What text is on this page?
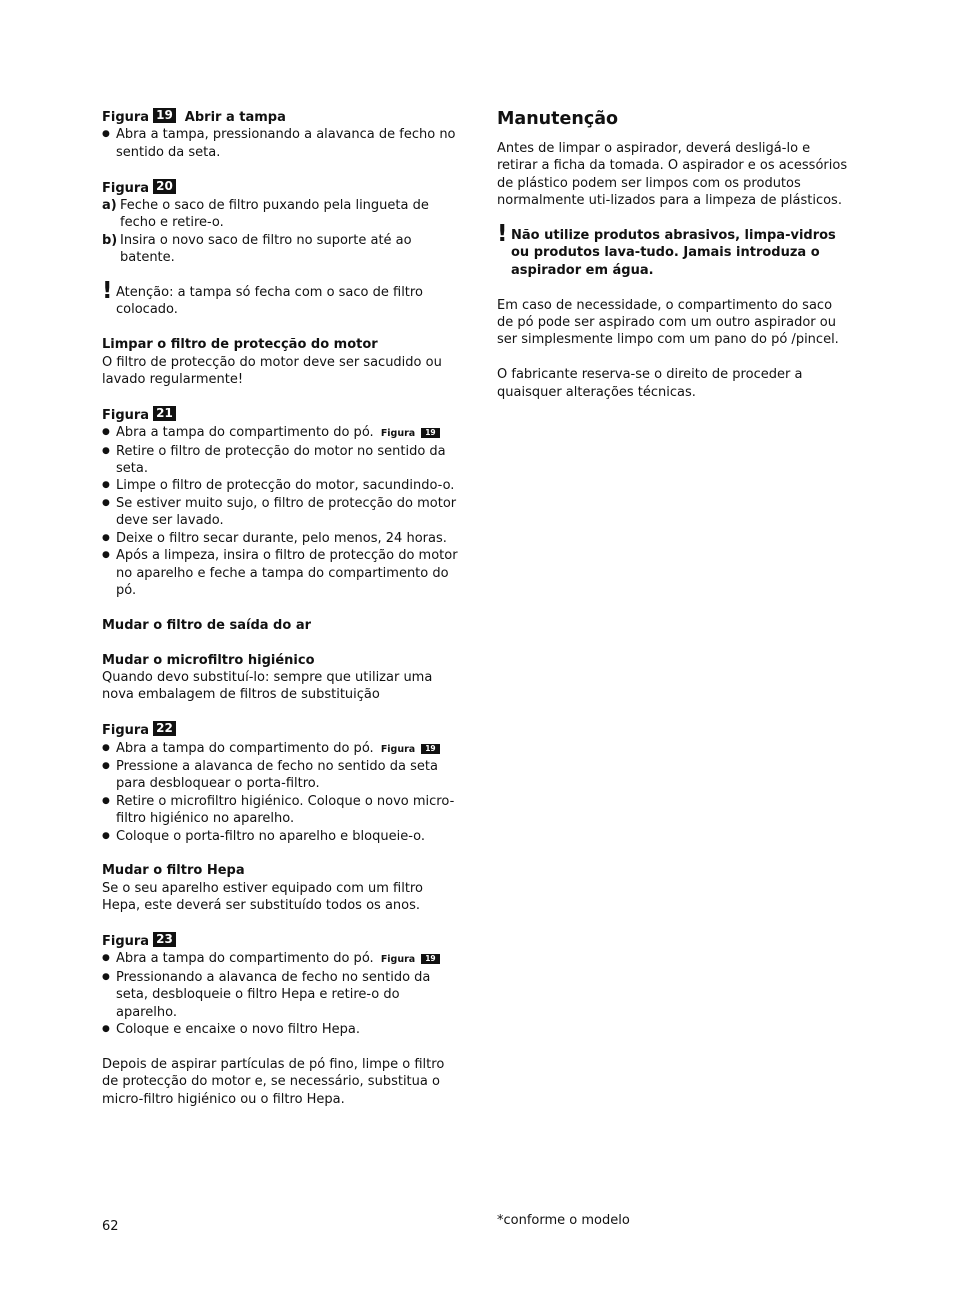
Figura 19 Abrir a tampa
● Abra a tampa, pressionando a alavanca de fecho no sentido da seta.
Figura 20
a) Feche o saco de filtro puxando pela lingueta de fecho e retire-o.
b) Insira o novo saco de filtro no suporte até ao batente.
! Atenção: a tampa só fecha com o saco de filtro colocado.
Limpar o filtro de protecção do motor
O filtro de protecção do motor deve ser sacudido ou lavado regularmente!
Figura 21
● Abra a tampa do compartimento do pó. Figura 19
● Retire o filtro de protecção do motor no sentido da seta.
● Limpe o filtro de protecção do motor, sacundindo-o.
● Se estiver muito sujo, o filtro de protecção do motor deve ser lavado.
● Deixe o filtro secar durante, pelo menos, 24 horas.
● Após a limpeza, insira o filtro de protecção do motor no aparelho e feche a tampa do compartimento do pó.
Mudar o filtro de saída do ar
Mudar o microfiltro higiénico
Quando devo substituí-lo: sempre que utilizar uma nova embalagem de filtros de substituição
Figura 22
● Abra a tampa do compartimento do pó. Figura 19
● Pressione a alavanca de fecho no sentido da seta para desbloquear o porta-filtro.
● Retire o microfiltro higiénico. Coloque o novo micro-filtro higiénico no aparelho.
● Coloque o porta-filtro no aparelho e bloqueie-o.
Mudar o filtro Hepa
Se o seu aparelho estiver equipado com um filtro Hepa, este deverá ser substituído todos os anos.
Figura 23
● Abra a tampa do compartimento do pó. Figura 19
● Pressionando a alavanca de fecho no sentido da seta, desbloqueie o filtro Hepa e retire-o do aparelho.
● Coloque e encaixe o novo filtro Hepa.
Depois de aspirar partículas de pó fino, limpe o filtro de protecção do motor e, se necessário, substitua o micro-filtro higiénico ou o filtro Hepa.
Manutenção
Antes de limpar o aspirador, deverá desligá-lo e retirar a ficha da tomada. O aspirador e os acessórios de plástico podem ser limpos com os produtos normalmente uti-lizados para a limpeza de plásticos.
! Não utilize produtos abrasivos, limpa-vidros ou produtos lava-tudo. Jamais introduza o aspirador em água.
Em caso de necessidade, o compartimento do saco de pó pode ser aspirado com um outro aspirador ou ser simplesmente limpo com um pano do pó /pincel.
O fabricante reserva-se o direito de proceder a quaisquer alterações técnicas.
62	*conforme o modelo
